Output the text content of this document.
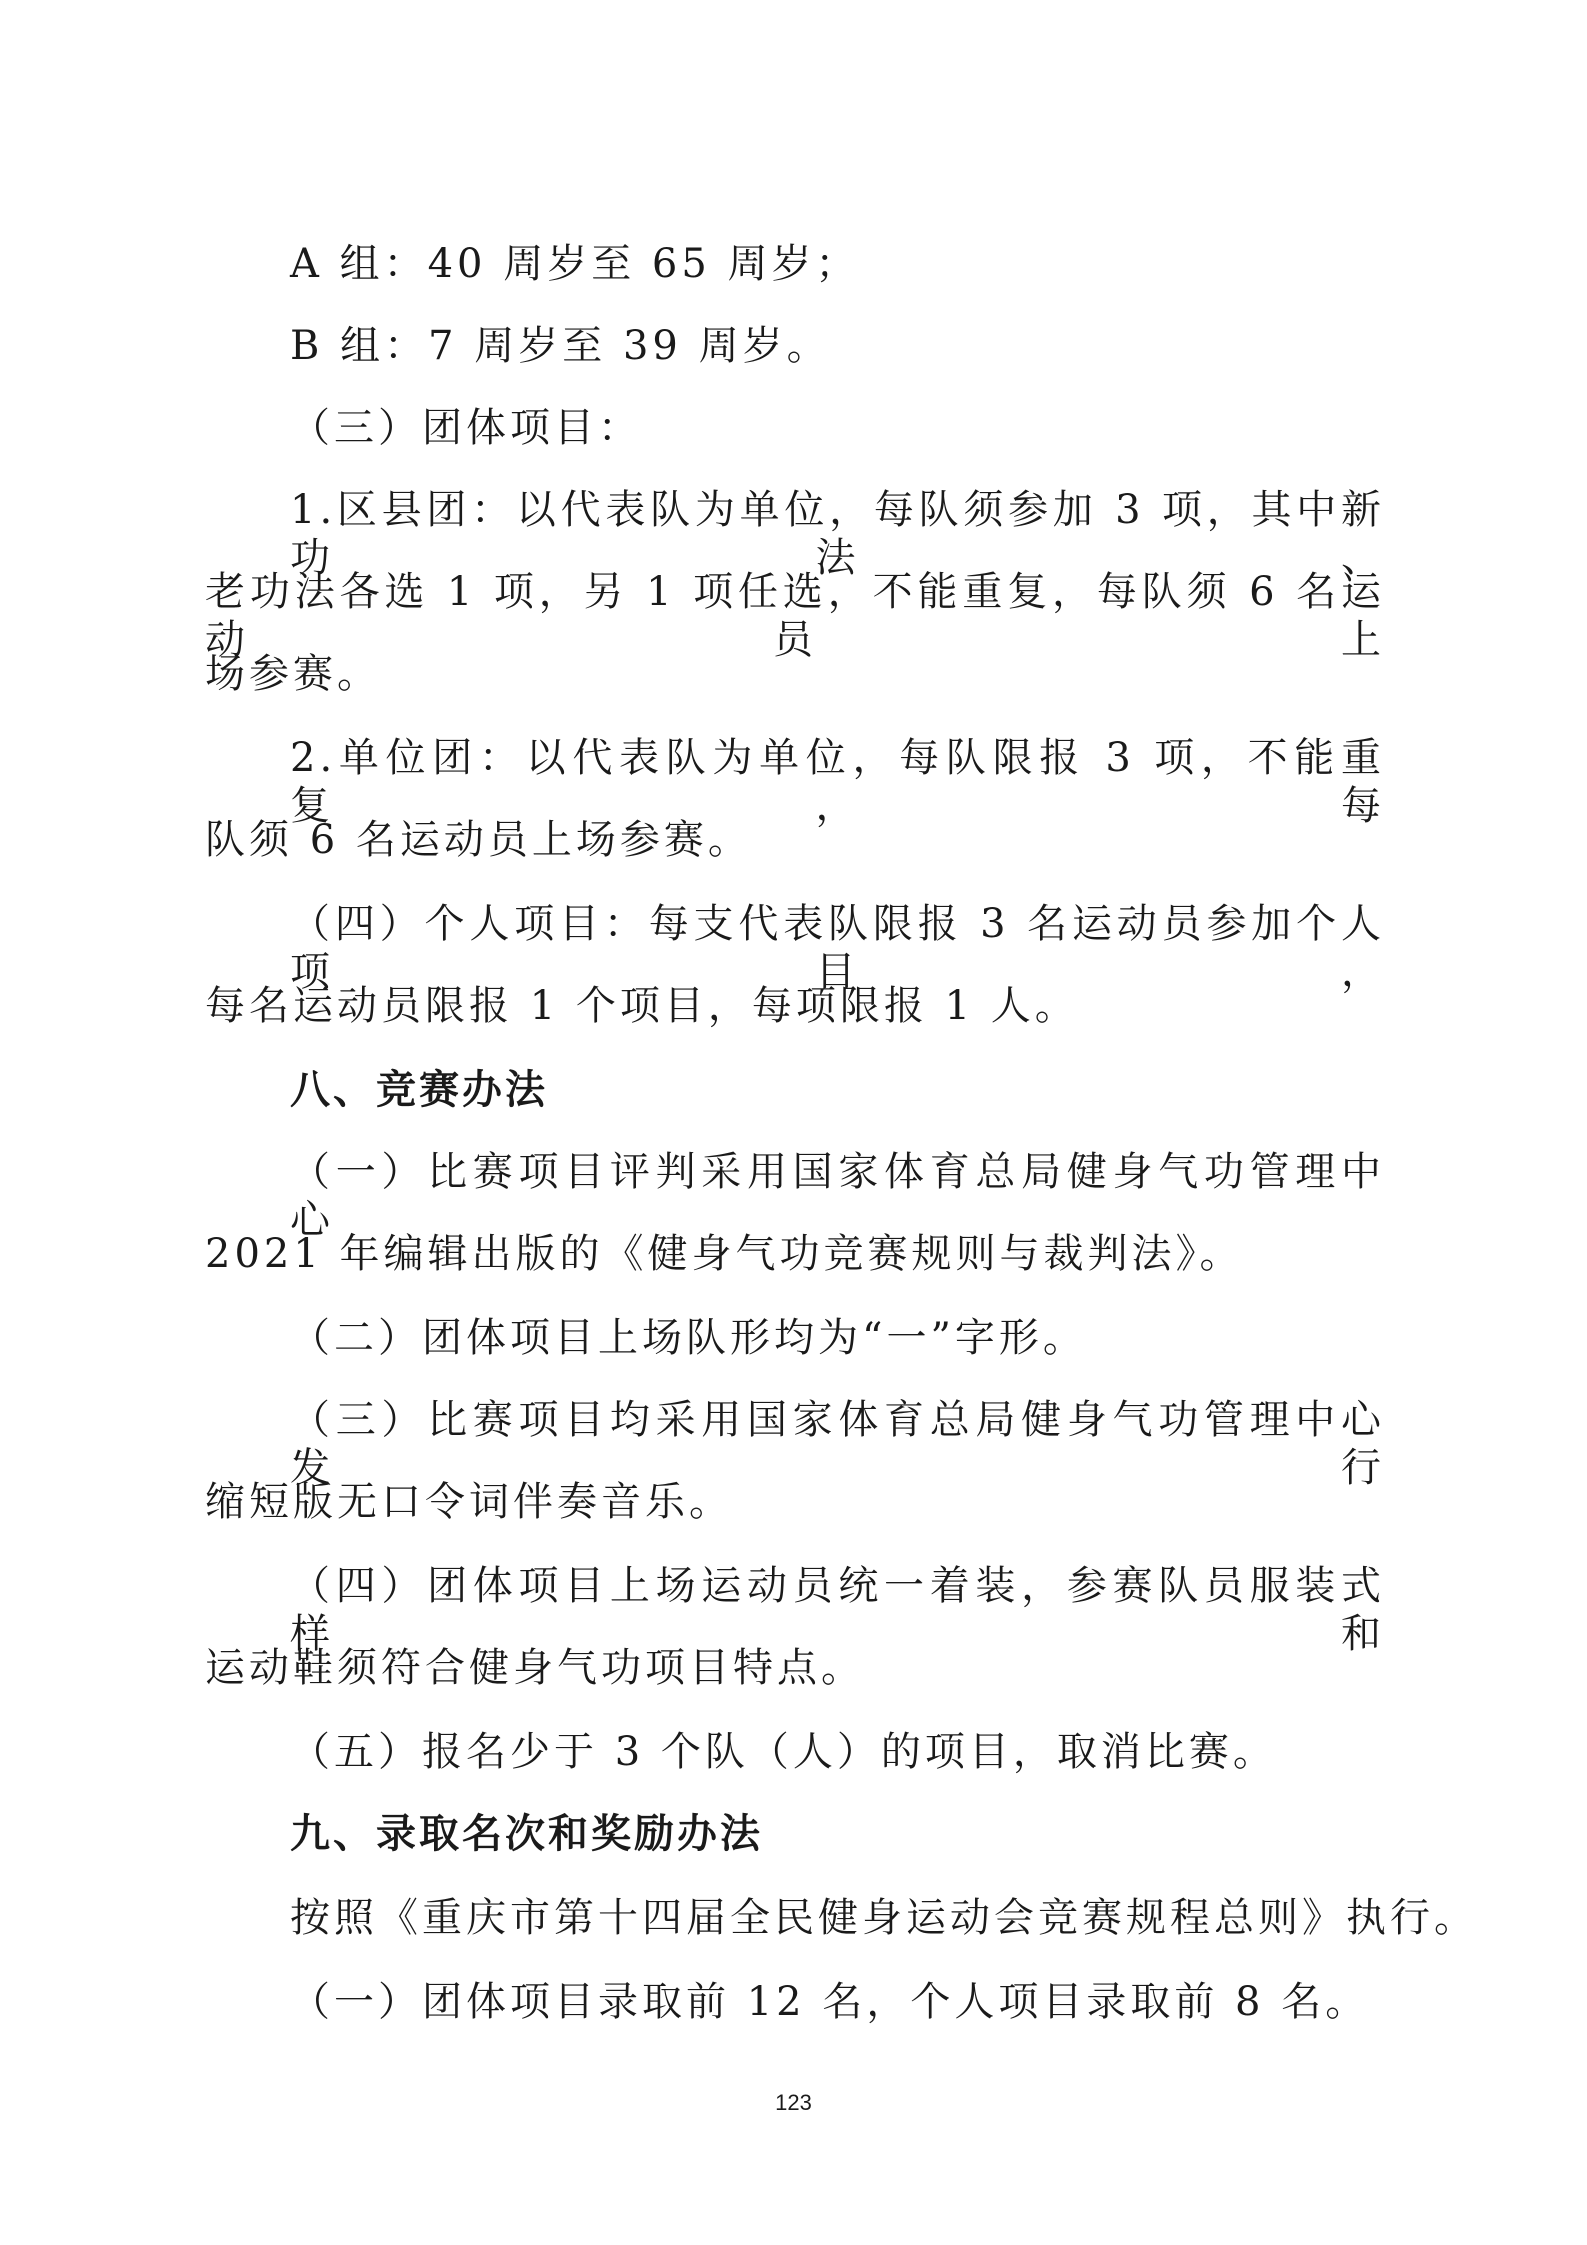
A 组：40 周岁至 65 周岁；
B 组：7 周岁至 39 周岁。
（三）团体项目：
1.区县团：以代表队为单位，每队须参加 3 项，其中新功法、
老功法各选 1 项，另 1 项任选，不能重复，每队须 6 名运动员上
场参赛。
2.单位团：以代表队为单位，每队限报 3 项，不能重复，每
队须 6 名运动员上场参赛。
（四）个人项目：每支代表队限报 3 名运动员参加个人项目，
每名运动员限报 1 个项目，每项限报 1 人。
八、竞赛办法
（一）比赛项目评判采用国家体育总局健身气功管理中心
2021 年编辑出版的《健身气功竞赛规则与裁判法》。
（二）团体项目上场队形均为“一”字形。
（三）比赛项目均采用国家体育总局健身气功管理中心发行
缩短版无口令词伴奏音乐。
（四）团体项目上场运动员统一着装，参赛队员服装式样和
运动鞋须符合健身气功项目特点。
（五）报名少于 3 个队（人）的项目，取消比赛。
九、录取名次和奖励办法
按照《重庆市第十四届全民健身运动会竞赛规程总则》执行。
（一）团体项目录取前 12 名，个人项目录取前 8 名。
123
